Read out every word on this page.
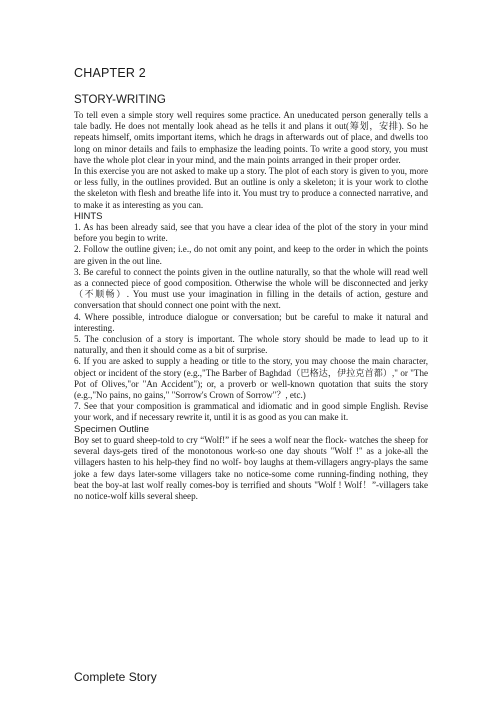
CHAPTER 2
STORY-WRITING

To tell even a simple story well requires some practice. An uneducated person generally tells a tale badly. He does not mentally look ahead as he tells it and plans it out(筹划，安排). So he repeats himself, omits important items, which he drags in afterwards out of place, and dwells too long on minor details and fails to emphasize the leading points. To write a good story, you must have the whole plot clear in your mind, and the main points arranged in their proper order.

In this exercise you are not asked to make up a story. The plot of each story is given to you, more or less fully, in the outlines provided. But an outline is only a skeleton; it is your work to clothe the skeleton with flesh and breathe life into it. You must try to produce a connected narrative, and to make it as interesting as you can.

HINTS

1. As has been already said, see that you have a clear idea of the plot of the story in your mind before you begin to write.

2. Follow the outline given; i.e., do not omit any point, and keep to the order in which the points are given in the out line.

3. Be careful to connect the points given in the outline naturally, so that the whole will read well as a connected piece of good composition. Otherwise the whole will be disconnected and jerky（不顺畅）. You must use your imagination in filling in the details of action, gesture and conversation that should connect one point with the next.

4. Where possible, introduce dialogue or conversation; but be careful to make it natural and interesting.

5. The conclusion of a story is important. The whole story should be made to lead up to it naturally, and then it should come as a bit of surprise.

6. If you are asked to supply a heading or title to the story, you may choose the main character, object or incident of the story (e.g.,"The Barber of Baghdad（巴格达，伊拉克首都）," or "The Pot of Olives,"or "An Accident"); or, a proverb or well-known quotation that suits the story (e.g.,"No pains, no gains," "Sorrow's Crown of Sorrow"？, etc.)

7. See that your composition is grammatical and idiomatic and in good simple English. Revise your work, and if necessary rewrite it, until it is as good as you can make it.

Specimen Outline

Boy set to guard sheep-told to cry “Wolf!” if he sees a wolf near the flock- watches the sheep for several days-gets tired of the monotonous work-so one day shouts "Wolf !" as a joke-all the villagers hasten to his help-they find no wolf- boy laughs at them-villagers angry-plays the same joke a few days later-some villagers take no notice-some come running-finding nothing, they beat the boy-at last wolf really comes-boy is terrified and shouts "Wolf ! Wolf！”-villagers take no notice-wolf kills several sheep.

Complete Story
